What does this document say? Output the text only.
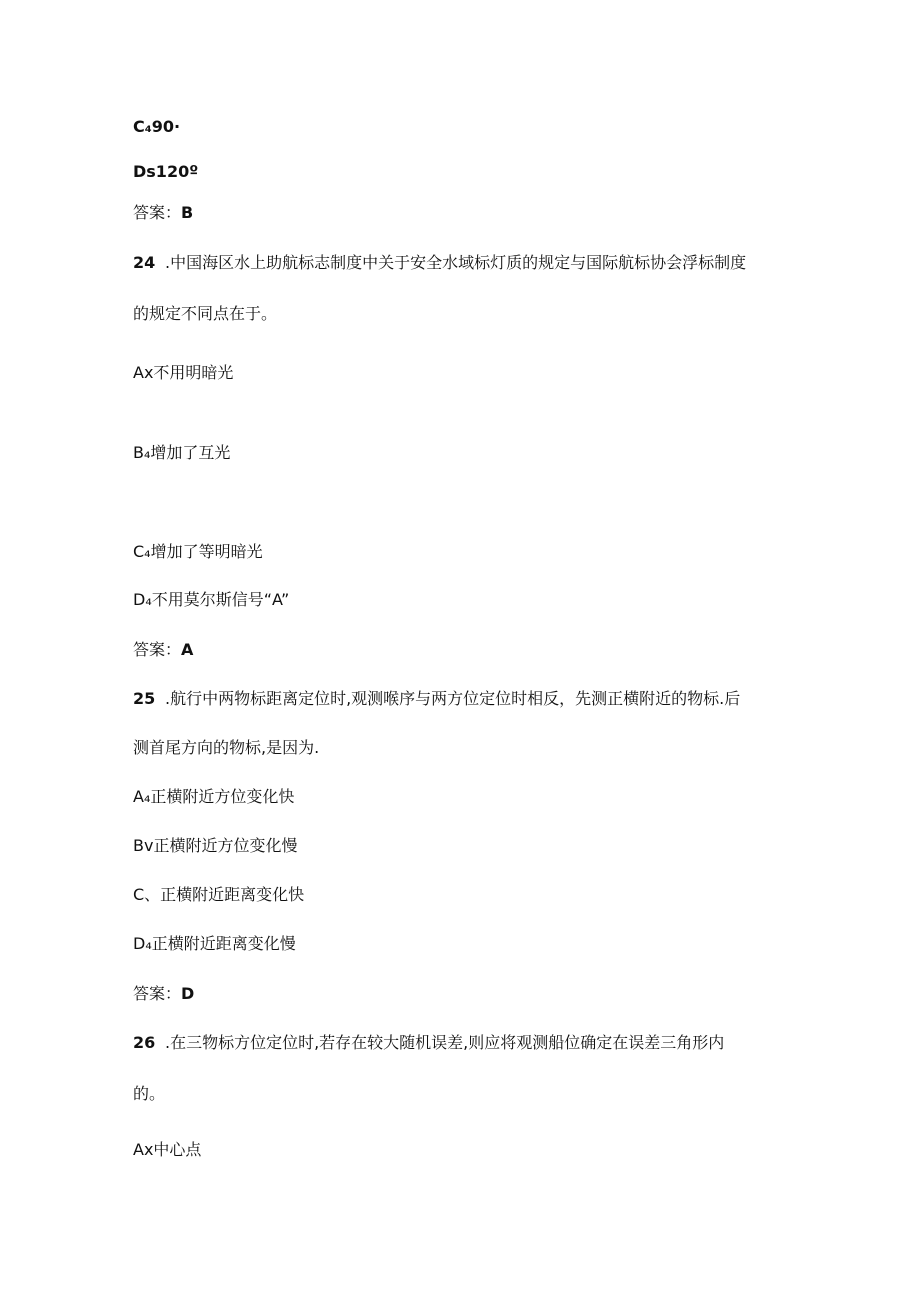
C₄90·
Ds120º
答案：B
24 .中国海区水上助航标志制度中关于安全水域标灯质的规定与国际航标协会浮标制度
的规定不同点在于。
Ax不用明暗光
B₄增加了互光
C₄增加了等明暗光
D₄不用莫尔斯信号“A”
答案：A
25 .航行中两物标距离定位时,观测喉序与两方位定位时相反，先测正横附近的物标.后
测首尾方向的物标,是因为.
A₄正横附近方位变化快
Bv正横附近方位变化慢
C、正横附近距离变化快
D₄正横附近距离变化慢
答案：D
26 .在三物标方位定位时,若存在较大随机误差,则应将观测船位确定在误差三角形内
的。
Ax中心点
